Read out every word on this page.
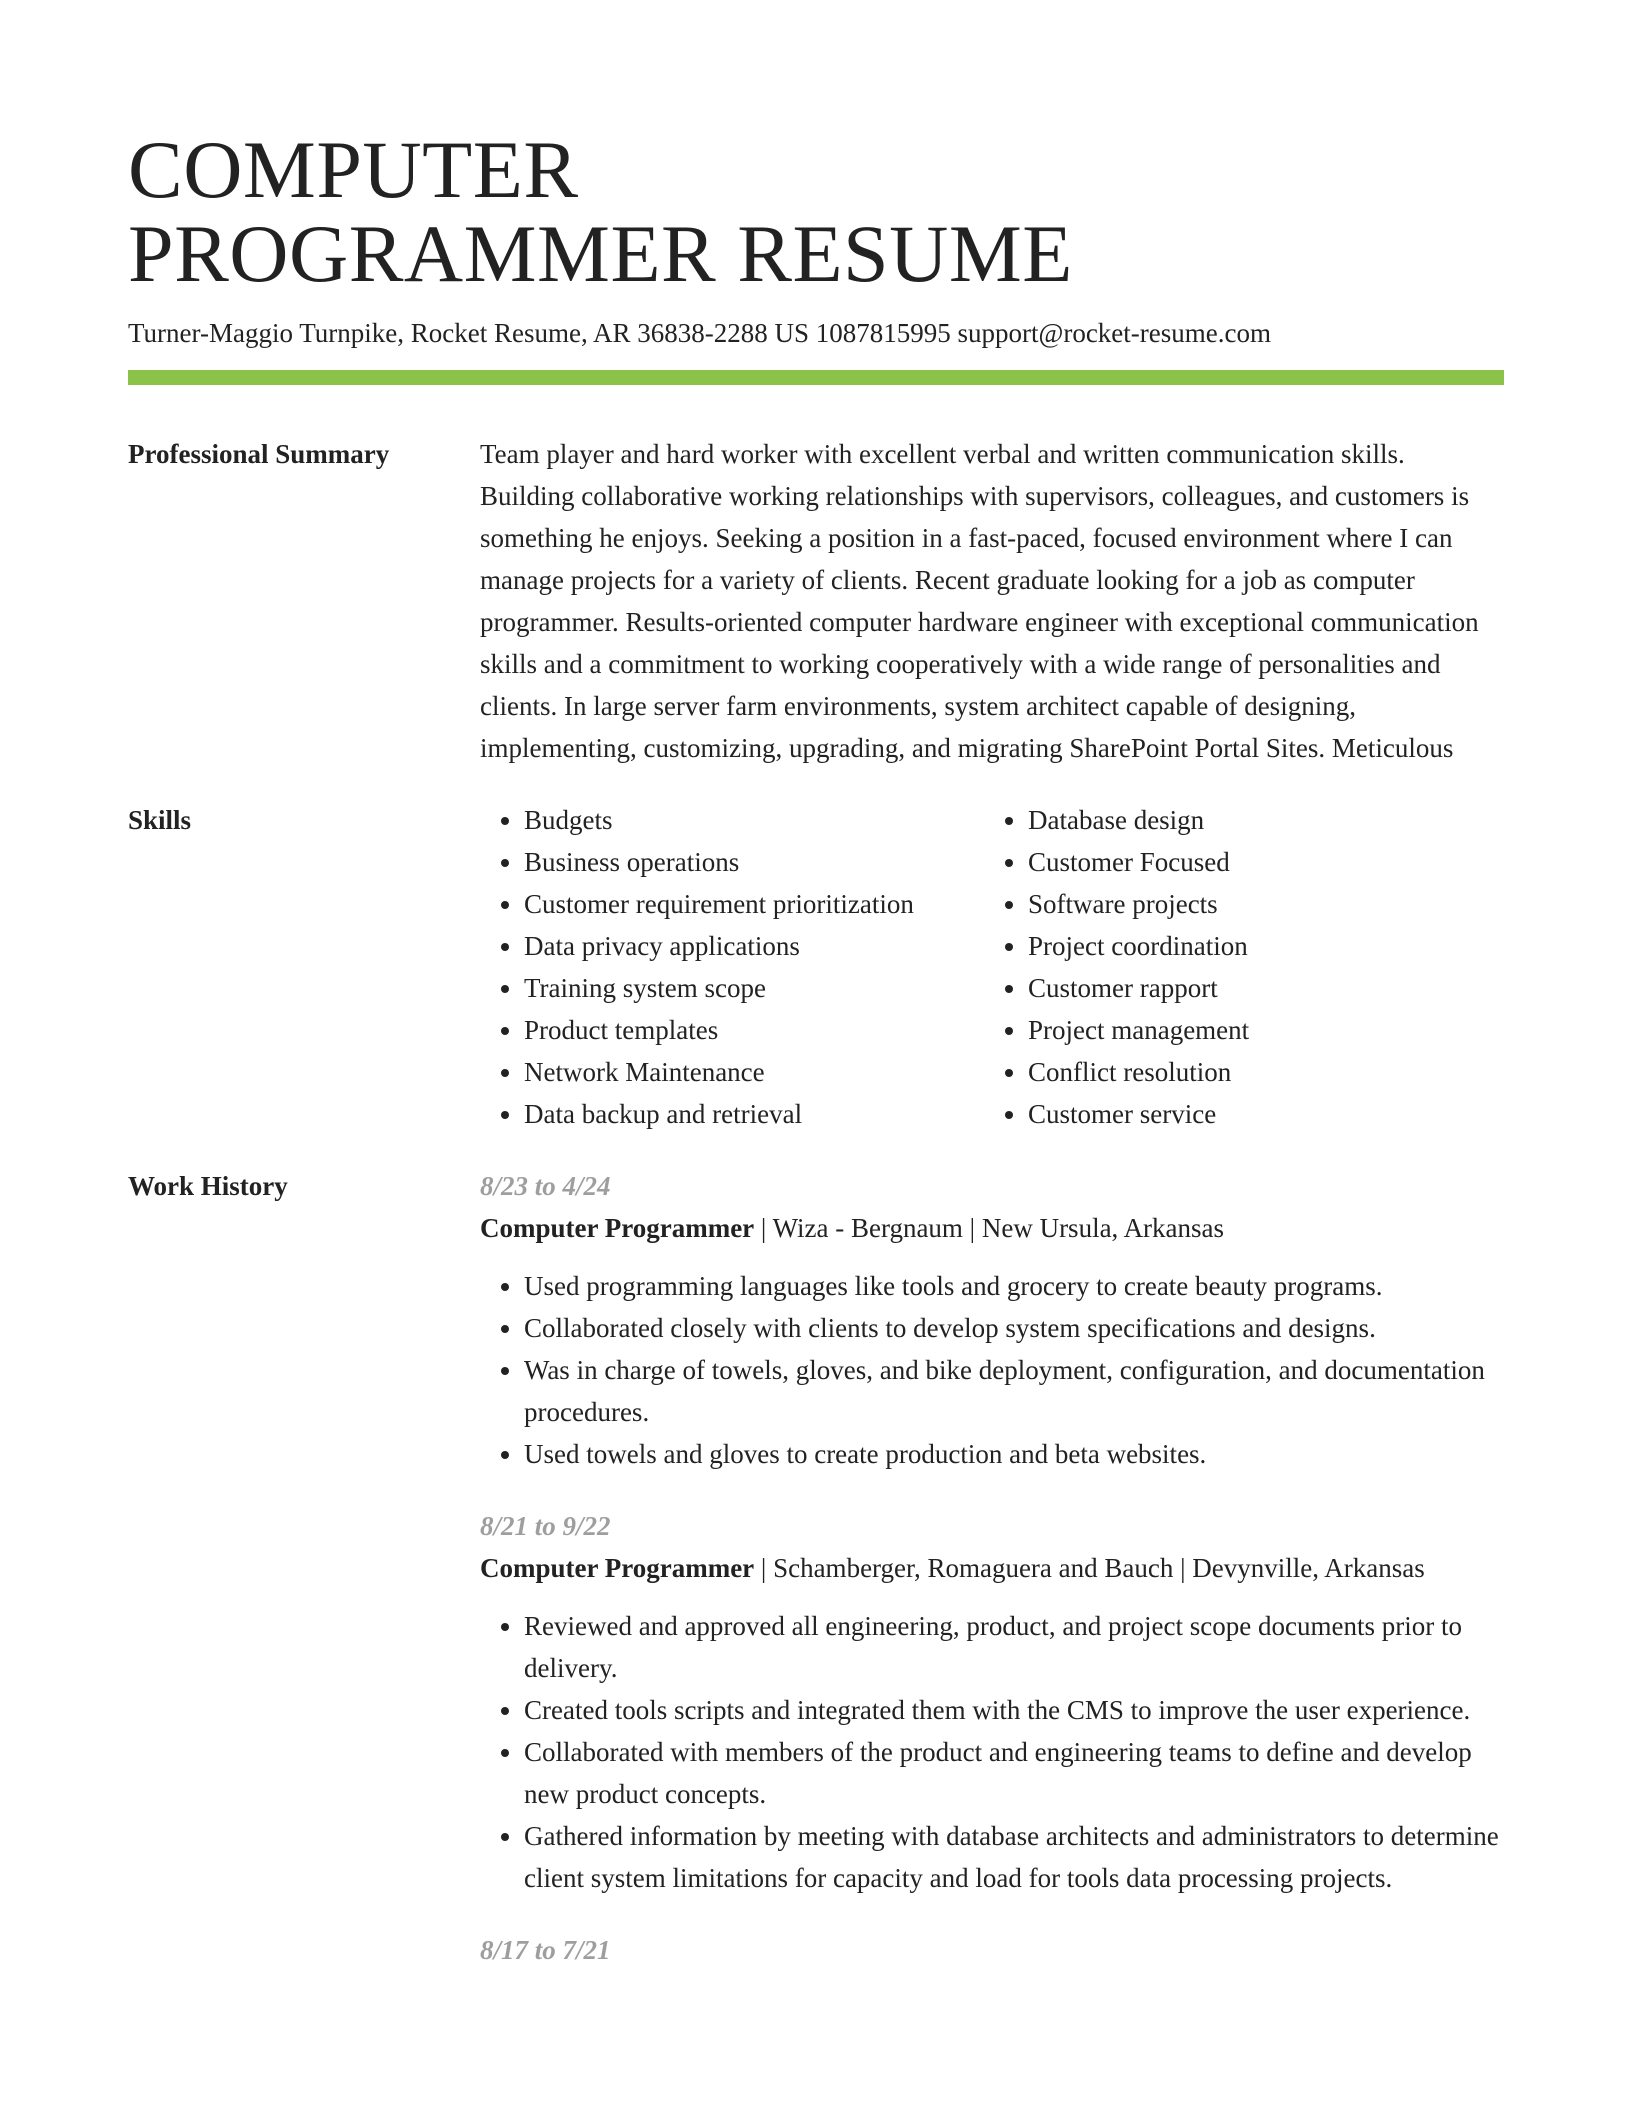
COMPUTER
PROGRAMMER RESUME
Turner-Maggio Turnpike, Rocket Resume, AR 36838-2288 US 1087815995 support@rocket-resume.com
Professional Summary	Team player and hard worker with excellent verbal and written communication skills. Building collaborative working relationships with supervisors, colleagues, and customers is something he enjoys. Seeking a position in a fast-paced, focused environment where I can manage projects for a variety of clients. Recent graduate looking for a job as computer programmer. Results-oriented computer hardware engineer with exceptional communication skills and a commitment to working cooperatively with a wide range of personalities and clients. In large server farm environments, system architect capable of designing, implementing, customizing, upgrading, and migrating SharePoint Portal Sites. Meticulous
Skills
•	Budgets
• Business operations
• Customer requirement prioritization
• Data privacy applications
• Training system scope
• Product templates
• Network Maintenance
• Data backup and retrieval
• Database design
• Customer Focused
• Software projects
• Project coordination
• Customer rapport
• Project management
• Conflict resolution
• Customer service
Work History	8/23 to 4/24
Computer Programmer | Wiza - Bergnaum | New Ursula, Arkansas
• Used programming languages like tools and grocery to create beauty programs.
• Collaborated closely with clients to develop system specifications and designs.
• Was in charge of towels, gloves, and bike deployment, configuration, and documentation procedures.
• Used towels and gloves to create production and beta websites.
8/21 to 9/22
Computer Programmer | Schamberger, Romaguera and Bauch | Devynville, Arkansas
• Reviewed and approved all engineering, product, and project scope documents prior to delivery.
• Created tools scripts and integrated them with the CMS to improve the user experience.
• Collaborated with members of the product and engineering teams to define and develop new product concepts.
• Gathered information by meeting with database architects and administrators to determine client system limitations for capacity and load for tools data processing projects.
8/17 to 7/21
